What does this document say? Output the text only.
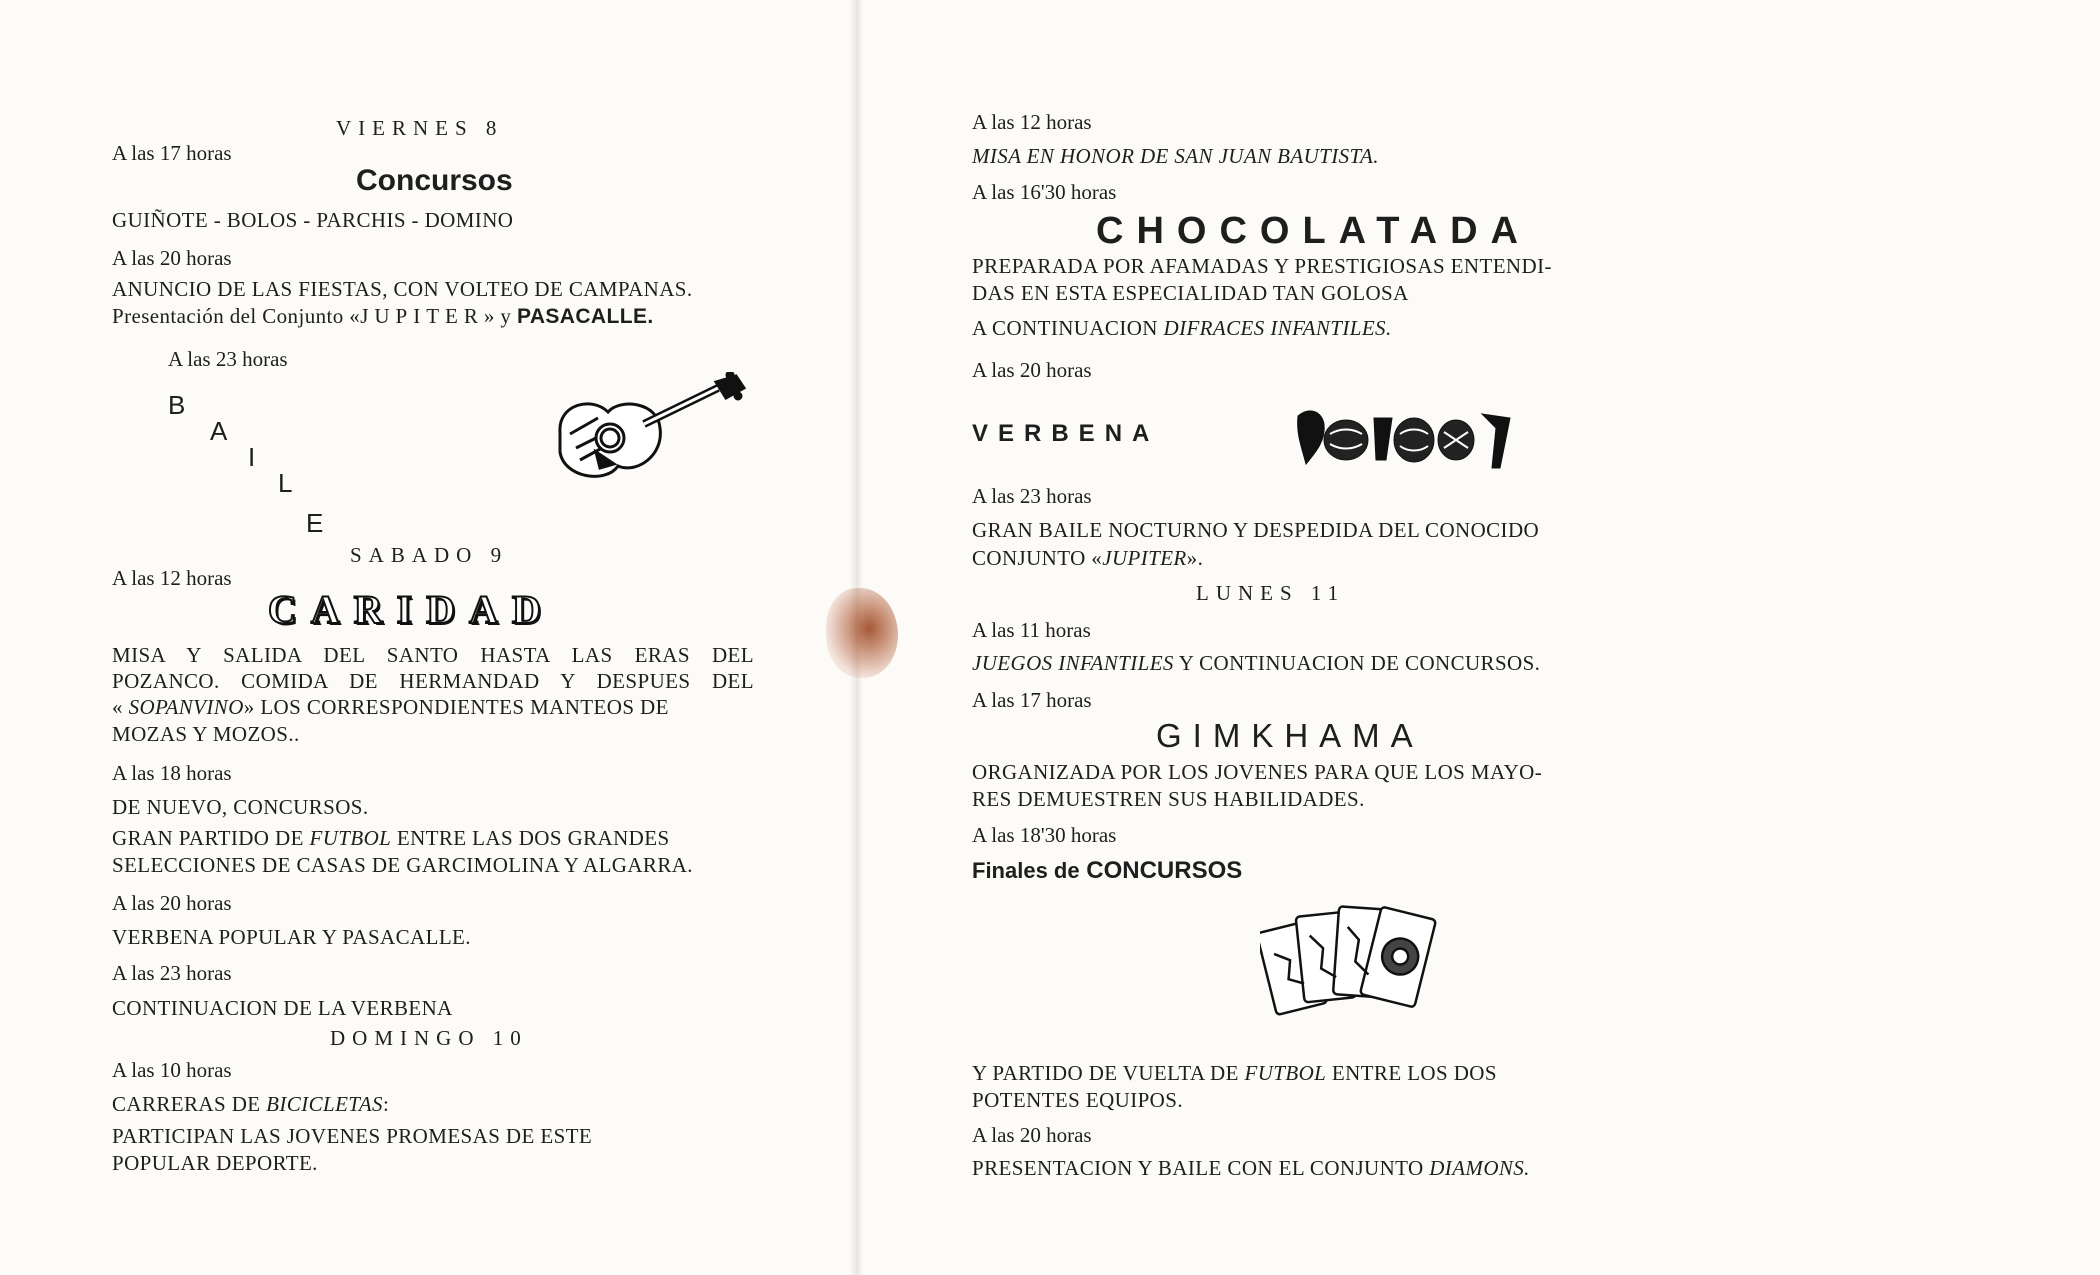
VIERNES 8
A las 17 horas
Concursos
GUIÑOTE - BOLOS - PARCHIS - DOMINO
A las 20 horas
ANUNCIO DE LAS FIESTAS, CON VOLTEO DE CAMPANAS.
Presentación del Conjunto «JUPITER» y PASACALLE.
A las 23 horas
B
A
I
L
E
SABADO 9
A las 12 horas
CARIDAD
MISA Y SALIDA DEL SANTO HASTA LAS ERAS DEL
POZANCO. COMIDA DE HERMANDAD Y DESPUES DEL
« SOPANVINO» LOS CORRESPONDIENTES MANTEOS DE
MOZAS Y MOZOS..
A las 18 horas
DE NUEVO, CONCURSOS.
GRAN PARTIDO DE FUTBOL ENTRE LAS DOS GRANDES
SELECCIONES DE CASAS DE GARCIMOLINA Y ALGARRA.
A las 20 horas
VERBENA POPULAR Y PASACALLE.
A las 23 horas
CONTINUACION DE LA VERBENA
DOMINGO 10
A las 10 horas
CARRERAS DE BICICLETAS:
PARTICIPAN LAS JOVENES PROMESAS DE ESTE
POPULAR DEPORTE.
A las 12 horas
MISA EN HONOR DE SAN JUAN BAUTISTA.
A las 16'30 horas
CHOCOLATADA
PREPARADA POR AFAMADAS Y PRESTIGIOSAS ENTENDI-
DAS EN ESTA ESPECIALIDAD TAN GOLOSA
A CONTINUACION DIFRACES INFANTILES.
A las 20 horas
VERBENA
A las 23 horas
GRAN BAILE NOCTURNO Y DESPEDIDA DEL CONOCIDO
CONJUNTO «JUPITER».
LUNES 11
A las 11 horas
JUEGOS INFANTILES Y CONTINUACION DE CONCURSOS.
A las 17 horas
GIMKHAMA
ORGANIZADA POR LOS JOVENES PARA QUE LOS MAYO-
RES DEMUESTREN SUS HABILIDADES.
A las 18'30 horas
Finales de CONCURSOS
Y PARTIDO DE VUELTA DE FUTBOL ENTRE LOS DOS
POTENTES EQUIPOS.
A las 20 horas
PRESENTACION Y BAILE CON EL CONJUNTO DIAMONS.
